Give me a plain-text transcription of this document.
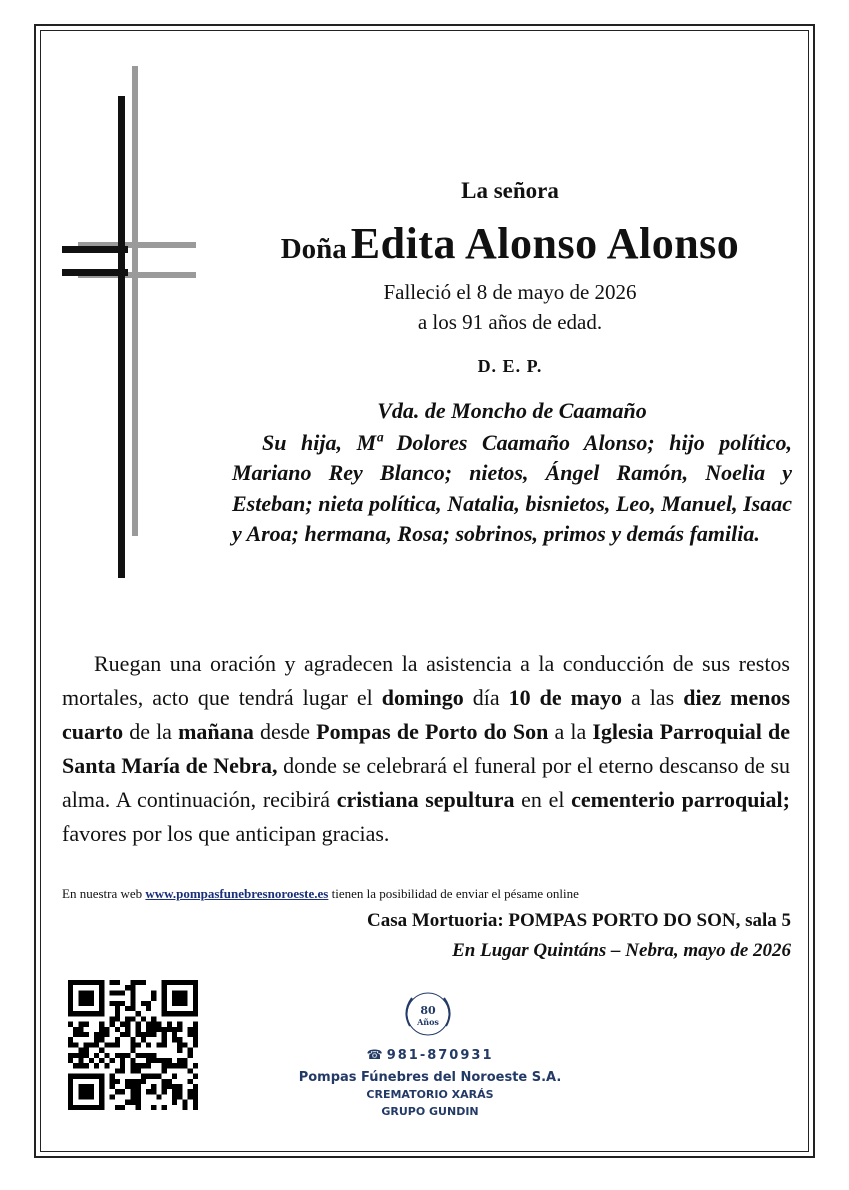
La señora
Doña Edita Alonso Alonso
Falleció el 8 de mayo de 2026
a los 91 años de edad.
D. E. P.
Vda. de Moncho de Caamaño
Su hija, Mª Dolores Caamaño Alonso; hijo político, Mariano Rey Blanco; nietos, Ángel Ramón, Noelia y Esteban; nieta política, Natalia, bisnietos, Leo, Manuel, Isaac y Aroa; hermana, Rosa; sobrinos, primos y demás familia.
Ruegan una oración y agradecen la asistencia a la conducción de sus restos mortales, acto que tendrá lugar el domingo día 10 de mayo a las diez menos cuarto de la mañana desde Pompas de Porto do Son a la Iglesia Parroquial de Santa María de Nebra, donde se celebrará el funeral por el eterno descanso de su alma. A continuación, recibirá cristiana sepultura en el cementerio parroquial; favores por los que anticipan gracias.
En nuestra web www.pompasfunebresnoroeste.es tienen la posibilidad de enviar el pésame online
Casa Mortuoria: POMPAS PORTO DO SON, sala 5
En Lugar Quintáns – Nebra, mayo de 2026
80
Años
☎ 981-870931
Pompas Fúnebres del Noroeste S.A.
CREMATORIO XARÁS
GRUPO GUNDIN
